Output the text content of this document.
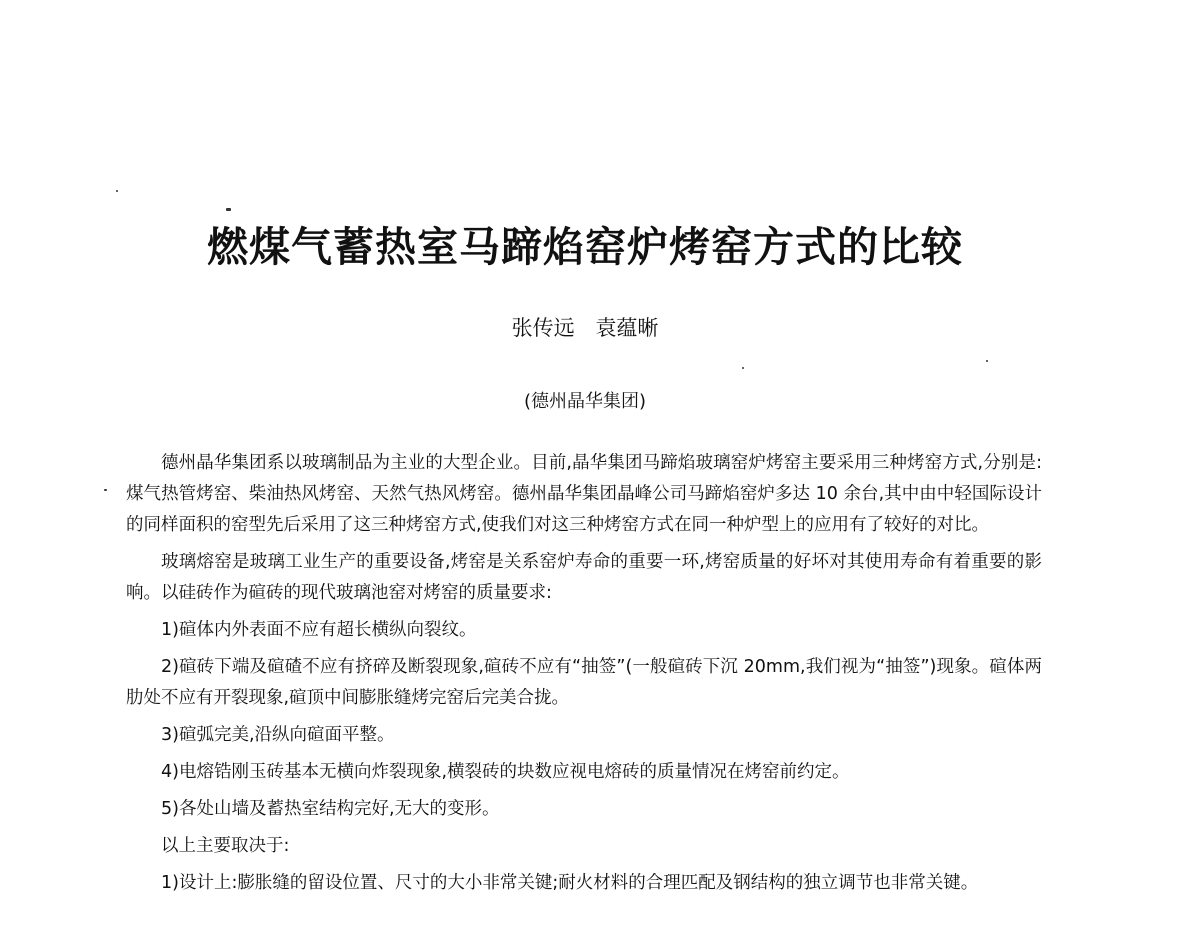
燃煤气蓄热室马蹄焰窑炉烤窑方式的比较
张传远 袁蕴晰
(德州晶华集团)

德州晶华集团系以玻璃制品为主业的大型企业。目前,晶华集团马蹄焰玻璃窑炉烤窑主要采用三种烤窑方式,分别是:煤气热管烤窑、柴油热风烤窑、天然气热风烤窑。德州晶华集团晶峰公司马蹄焰窑炉多达 10 余台,其中由中轻国际设计的同样面积的窑型先后采用了这三种烤窑方式,使我们对这三种烤窑方式在同一种炉型上的应用有了较好的对比。

玻璃熔窑是玻璃工业生产的重要设备,烤窑是关系窑炉寿命的重要一环,烤窑质量的好坏对其使用寿命有着重要的影响。以硅砖作为碹砖的现代玻璃池窑对烤窑的质量要求:

1)碹体内外表面不应有超长横纵向裂纹。

2)碹砖下端及碹碴不应有挤碎及断裂现象,碹砖不应有“抽签”(一般碹砖下沉 20mm,我们视为“抽签”)现象。碹体两肋处不应有开裂现象,碹顶中间膨胀缝烤完窑后完美合拢。

3)碹弧完美,沿纵向碹面平整。

4)电熔锆刚玉砖基本无横向炸裂现象,横裂砖的块数应视电熔砖的质量情况在烤窑前约定。

5)各处山墙及蓄热室结构完好,无大的变形。

以上主要取决于:

1)设计上:膨胀缝的留设位置、尺寸的大小非常关键;耐火材料的合理匹配及钢结构的独立调节也非常关键。
